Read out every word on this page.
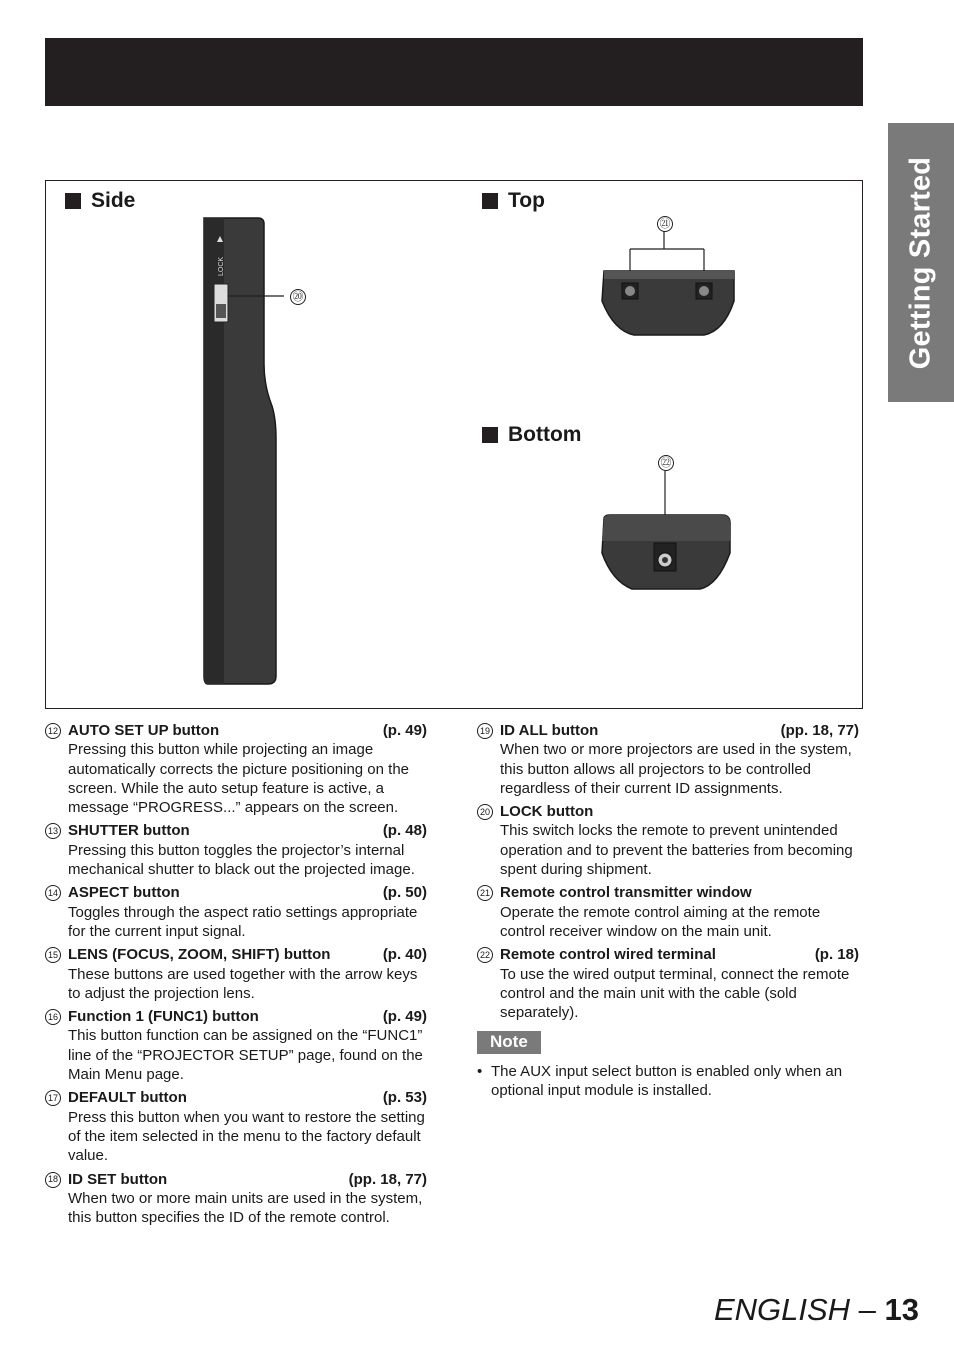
Getting Started
Side
LOCK
⑳
Top
㉑
Bottom
㉒
12 AUTO SET UP button	(p. 49)
Pressing this button while projecting an image automatically corrects the picture positioning on the screen. While the auto setup feature is active, a message “PROGRESS...” appears on the screen.
13 SHUTTER button	(p. 48)
Pressing this button toggles the projector’s internal mechanical shutter to black out the projected image.
14 ASPECT button	(p. 50)
Toggles through the aspect ratio settings appropriate for the current input signal.
15 LENS (FOCUS, ZOOM, SHIFT) button	(p. 40)
These buttons are used together with the arrow keys to adjust the projection lens.
16 Function 1 (FUNC1) button	(p. 49)
This button function can be assigned on the “FUNC1” line of the “PROJECTOR SETUP” page, found on the Main Menu page.
17 DEFAULT button	(p. 53)
Press this button when you want to restore the setting of the item selected in the menu to the factory default value.
18 ID SET button	(pp. 18, 77)
When two or more main units are used in the system, this button specifies the ID of the remote control.
19 ID ALL button	(pp. 18, 77)
When two or more projectors are used in the system, this button allows all projectors to be controlled regardless of their current ID assignments.
20 LOCK button
This switch locks the remote to prevent unintended operation and to prevent the batteries from becoming spent during shipment.
21 Remote control transmitter window
Operate the remote control aiming at the remote control receiver window on the main unit.
22 Remote control wired terminal	(p. 18)
To use the wired output terminal, connect the remote control and the main unit with the cable (sold separately).
Note
• The AUX input select button is enabled only when an optional input module is installed.
ENGLISH – 13
